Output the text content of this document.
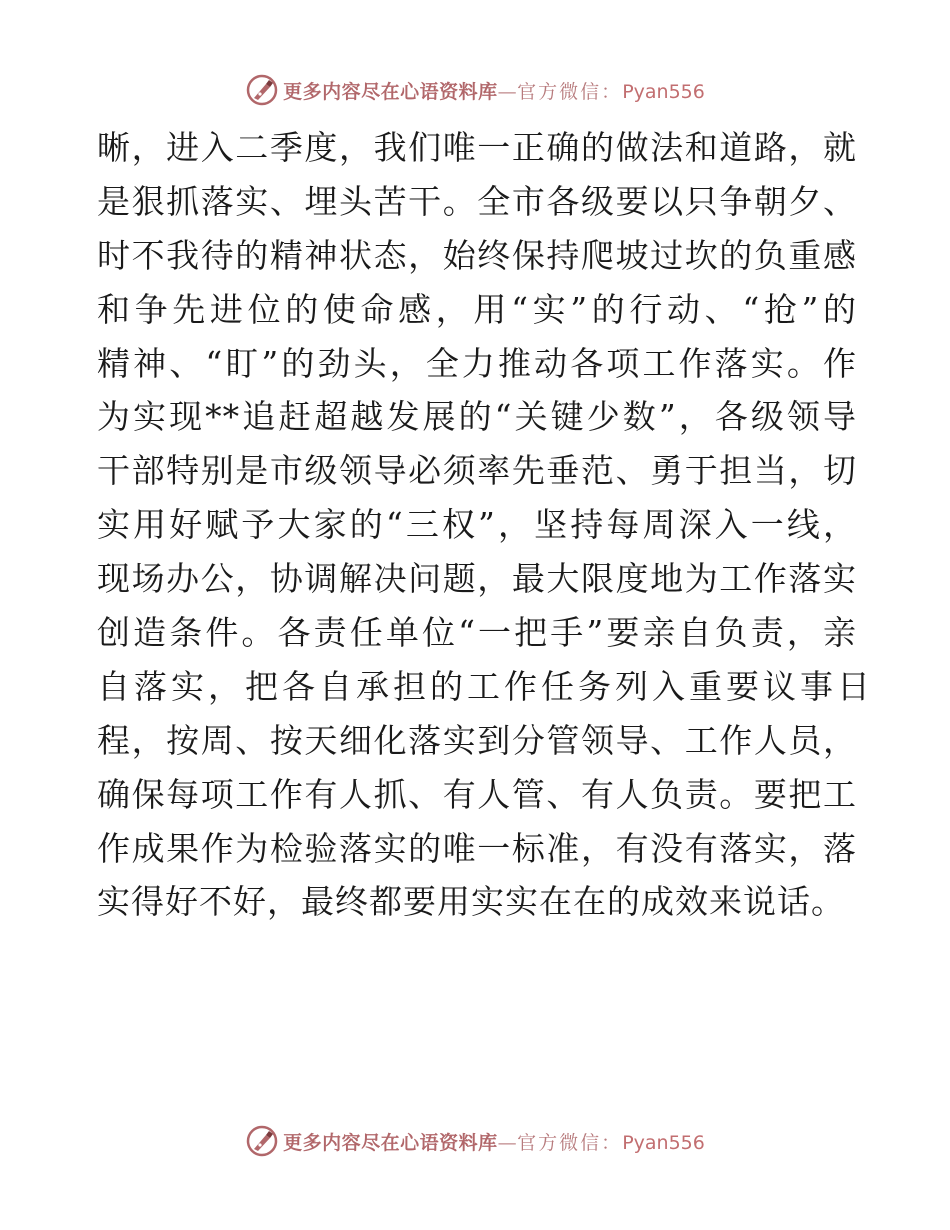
更多内容尽在心语资料库—官方微信：Pyan556
晰，进入二季度，我们唯一正确的做法和道路，就
是狠抓落实、埋头苦干。全市各级要以只争朝夕、
时不我待的精神状态，始终保持爬坡过坎的负重感
和争先进位的使命感，用“实”的行动、“抢”的
精神、“盯”的劲头，全力推动各项工作落实。作
为实现**追赶超越发展的“关键少数”，各级领导
干部特别是市级领导必须率先垂范、勇于担当，切
实用好赋予大家的“三权”，坚持每周深入一线，
现场办公，协调解决问题，最大限度地为工作落实
创造条件。各责任单位“一把手”要亲自负责，亲
自落实，把各自承担的工作任务列入重要议事日
程，按周、按天细化落实到分管领导、工作人员，
确保每项工作有人抓、有人管、有人负责。要把工
作成果作为检验落实的唯一标准，有没有落实，落
实得好不好，最终都要用实实在在的成效来说话。
更多内容尽在心语资料库—官方微信：Pyan556
